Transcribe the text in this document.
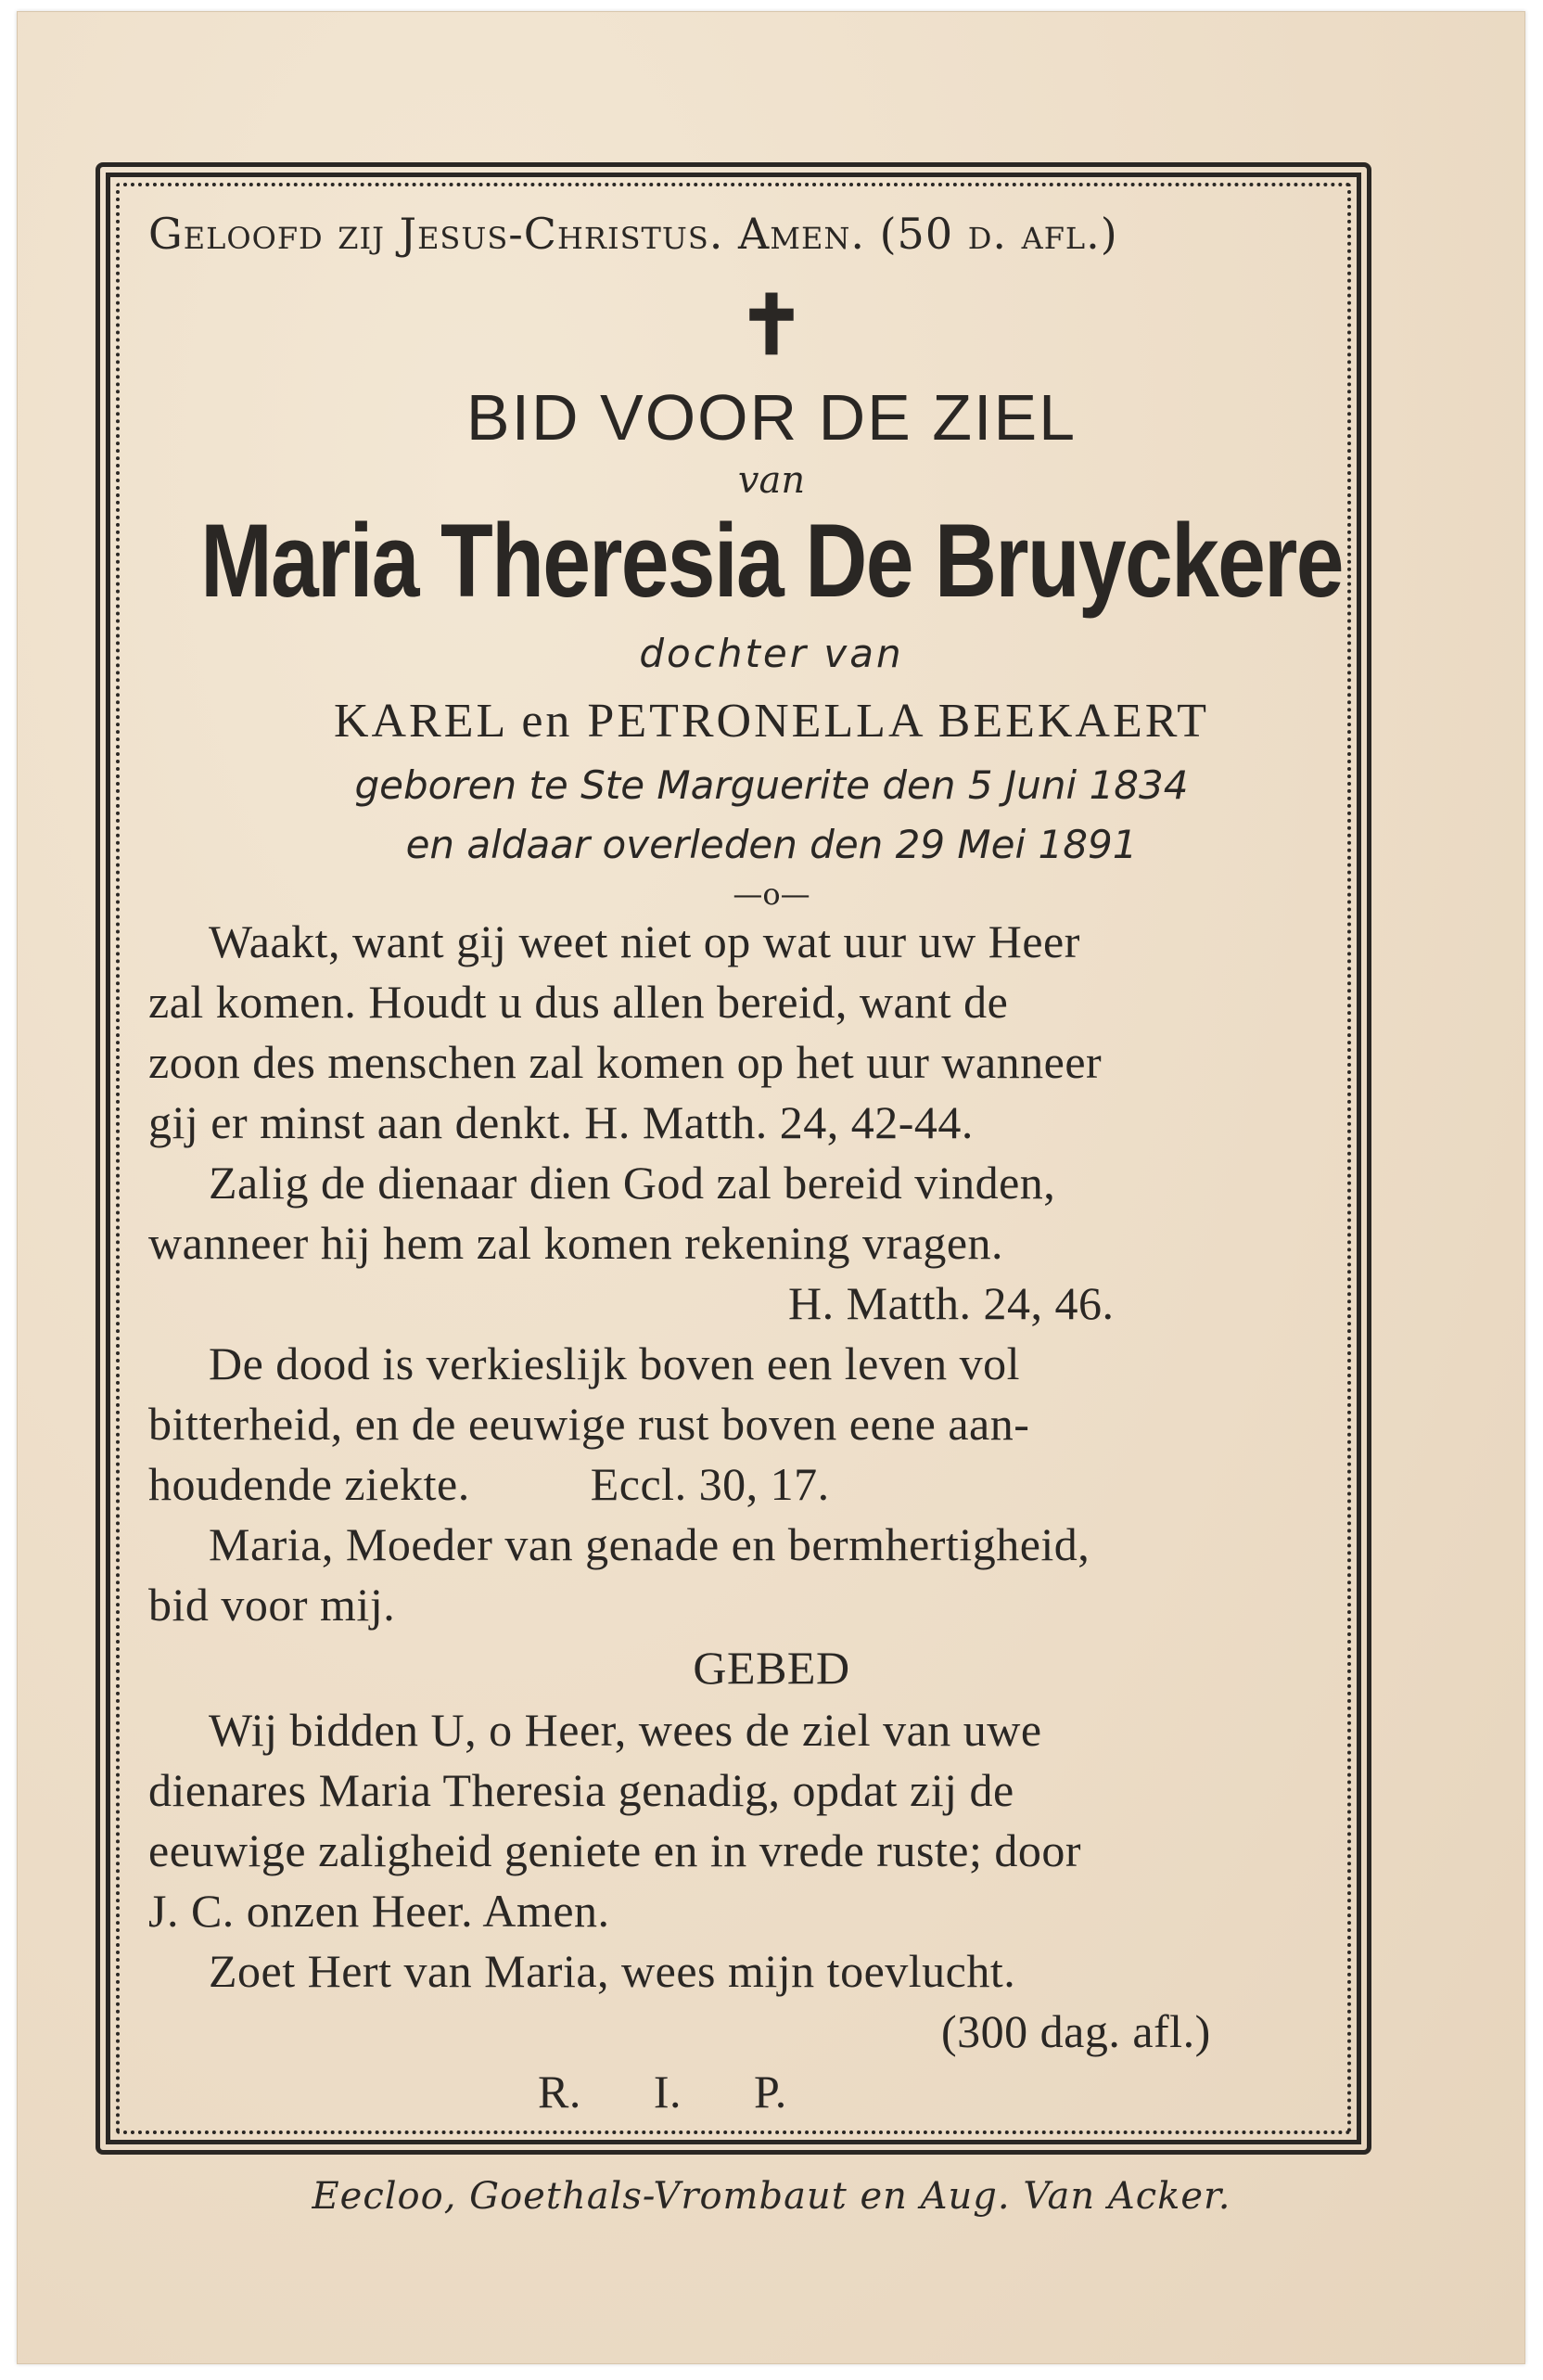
Geloofd zij Jesus-Christus. Amen. (50 d. afl.)
✝
BID VOOR DE ZIEL
van
Maria Theresia De Bruyckere
dochter van
KAREL en PETRONELLA BEEKAERT
geboren te Ste Marguerite den 5 Juni 1834
en aldaar overleden den 29 Mei 1891
—o—
Waakt, want gij weet niet op wat uur uw Heer
zal komen. Houdt u dus allen bereid, want de
zoon des menschen zal komen op het uur wanneer
gij er minst aan denkt. H. Matth. 24, 42-44.
Zalig de dienaar dien God zal bereid vinden,
wanneer hij hem zal komen rekening vragen.
H. Matth. 24, 46.
De dood is verkieslijk boven een leven vol
bitterheid, en de eeuwige rust boven eene aan-
houdende ziekte.          Eccl. 30, 17.
Maria, Moeder van genade en bermhertigheid,
bid voor mij.
GEBED
Wij bidden U, o Heer, wees de ziel van uwe
dienares Maria Theresia genadig, opdat zij de
eeuwige zaligheid geniete en in vrede ruste; door
J. C. onzen Heer. Amen.
Zoet Hert van Maria, wees mijn toevlucht.
(300 dag. afl.)
R.      I.      P.
Eecloo, Goethals-Vrombaut en Aug. Van Acker.
